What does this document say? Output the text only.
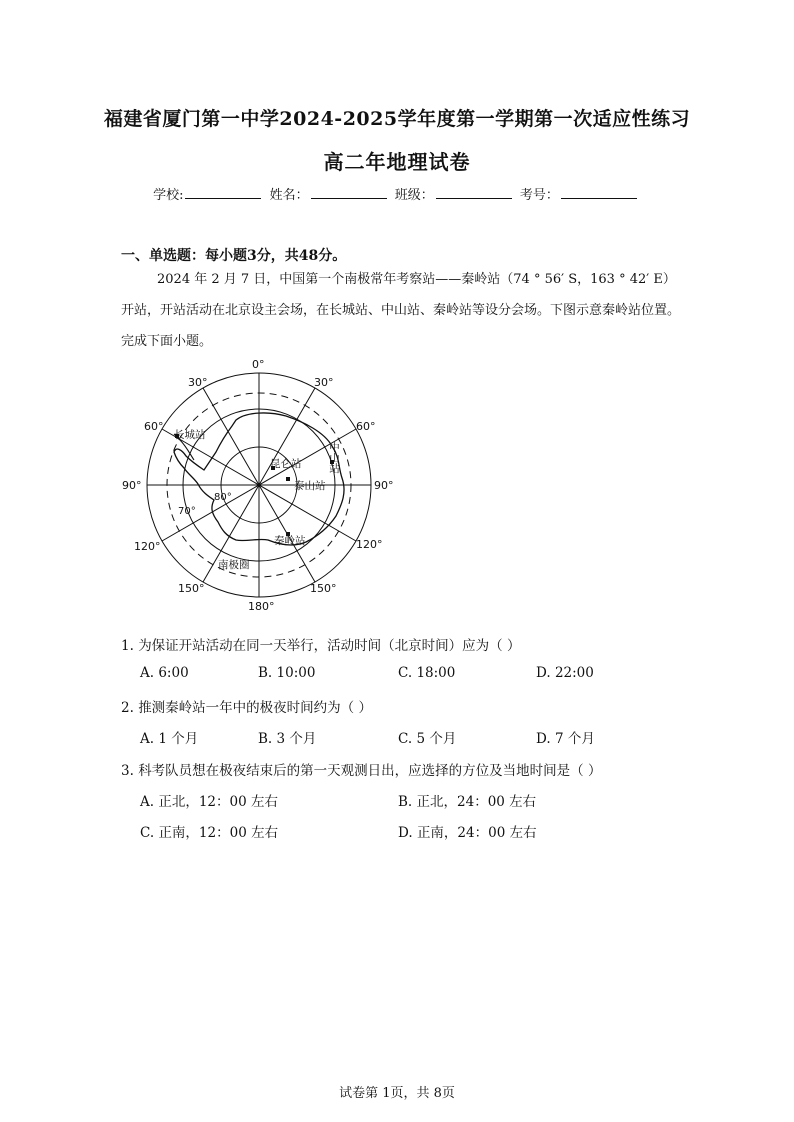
福建省厦门第一中学2024-2025学年度第一学期第一次适应性练习
高二年地理试卷
学校:	姓名：	班级：	考号：
一、单选题：每小题3分，共48分。
2024 年 2 月 7 日，中国第一个南极常年考察站——秦岭站（74 ° 56′ S，163 ° 42′ E）开站，开站活动在北京设主会场，在长城站、中山站、秦岭站等设分会场。下图示意秦岭站位置。完成下面小题。
0°
30°
60°
90°
120°
150°
180°
150°
120°
90°
60°
30°
80°
70°
长城站
昆仑站	中山站
泰山站
秦岭站
南极圈
1. 为保证开站活动在同一天举行，活动时间（北京时间）应为（ ）
A. 6:00	B. 10:00	C. 18:00	D. 22:00
2. 推测秦岭站一年中的极夜时间约为（ ）
A. 1 个月	B. 3 个月	C. 5 个月	D. 7 个月
3. 科考队员想在极夜结束后的第一天观测日出，应选择的方位及当地时间是（ ）
A. 正北，12：00 左右	B. 正北，24：00 左右
C. 正南，12：00 左右	D. 正南，24：00 左右
试卷第 1页，共 8页
